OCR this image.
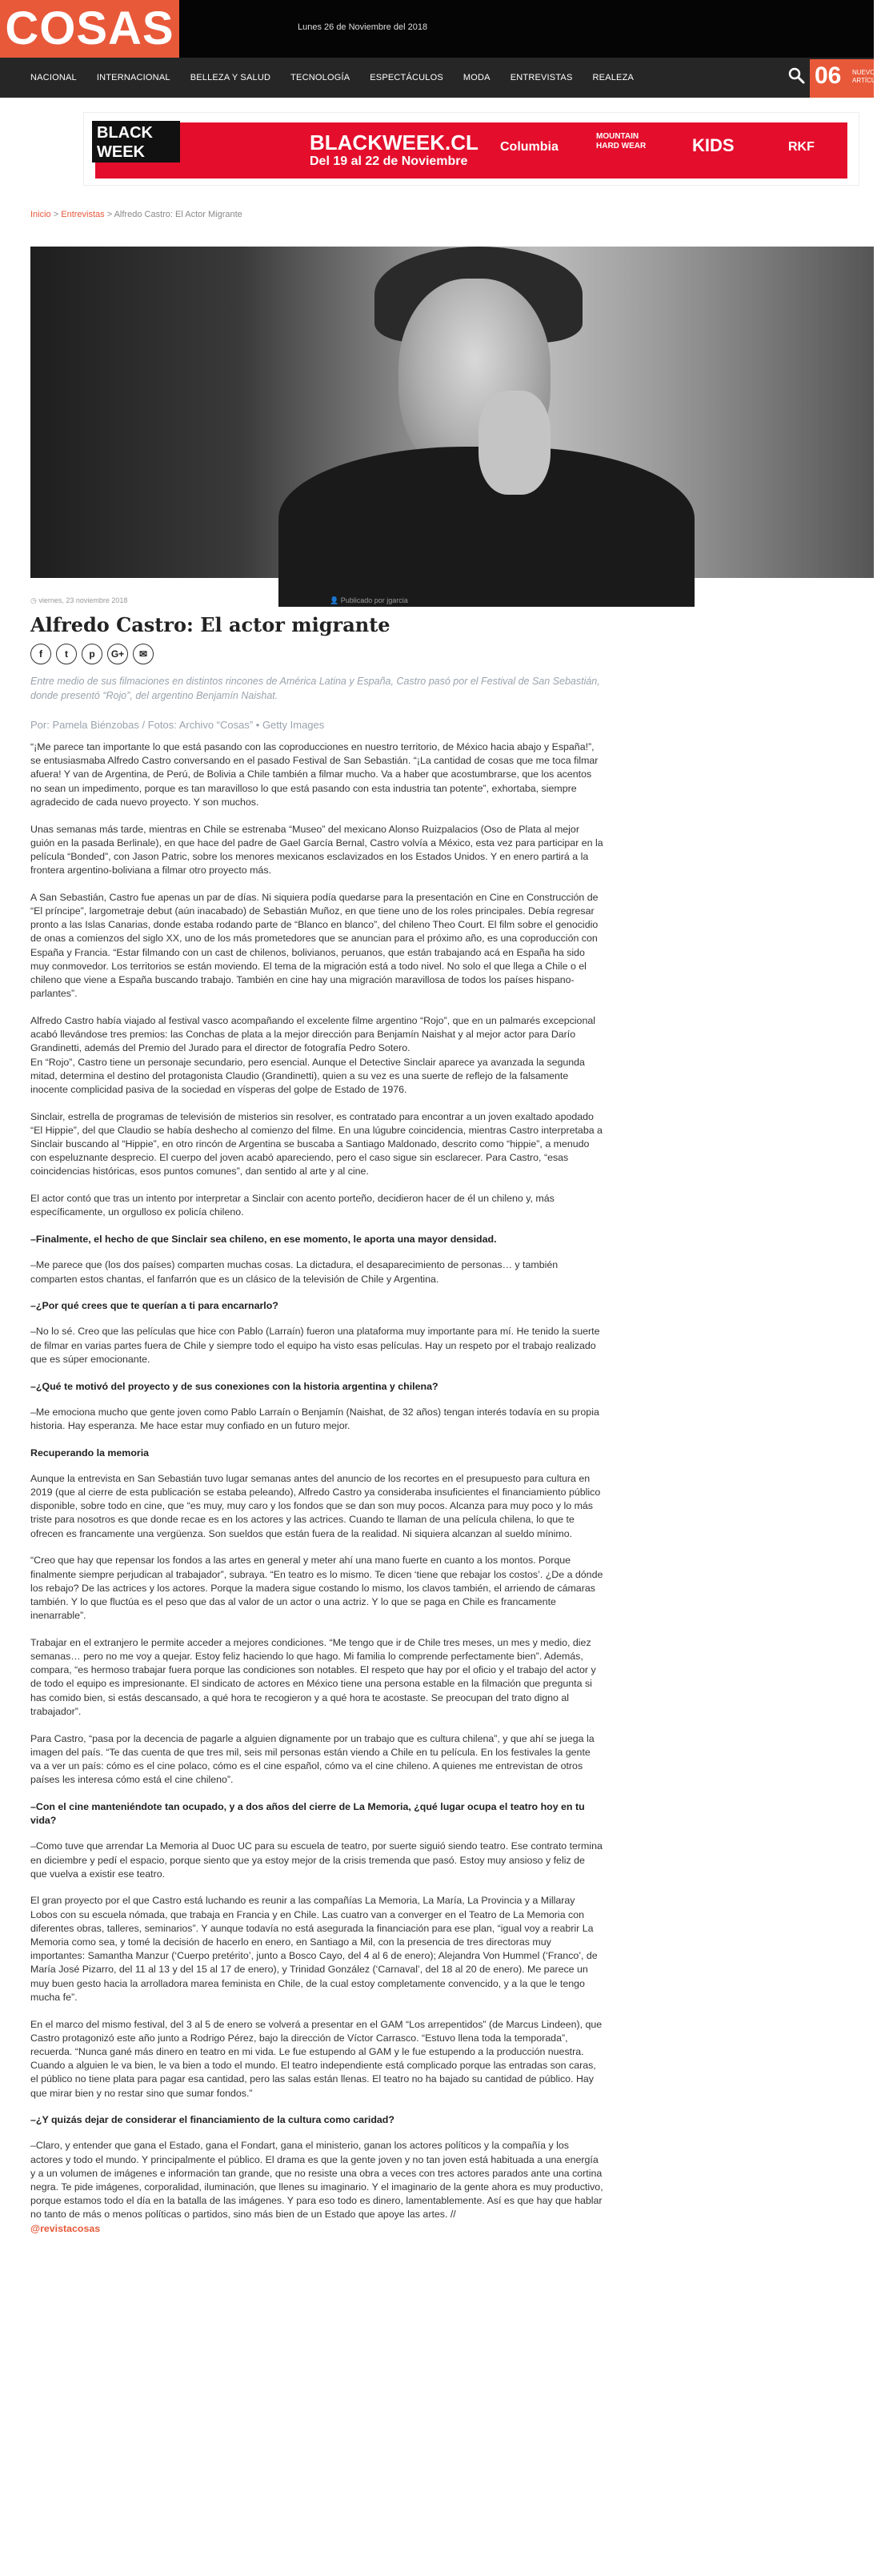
COSAS	Lunes 26 de Noviembre del 2018
NACIONAL INTERNACIONAL BELLEZA Y SALUD TECNOLOGÍA ESPECTÁCULOS MODA ENTREVISTAS REALEZA	06 NUEVOS ARTÍCULOS
BLACK WEEK	BLACKWEEK.CL
Del 19 al 22 de Noviembre
Columbia
MOUNTAIN HARD WEAR	KIDS	RKF
Inicio > Entrevistas > Alfredo Castro: El Actor Migrante
◷ viernes, 23 noviembre 2018	👤 Publicado por jgarcia
Alfredo Castro: El actor migrante
f	t	p	G+	✉

Entre medio de sus filmaciones en distintos rincones de América Latina y España, Castro pasó por el Festival de San Sebastián, donde presentó “Rojo”, del argentino Benjamín Naishat.

Por: Pamela Biénzobas / Fotos: Archivo “Cosas” • Getty Images

“¡Me parece tan importante lo que está pasando con las coproducciones en nuestro territorio, de México hacia abajo y España!”, se entusiasmaba Alfredo Castro conversando en el pasado Festival de San Sebastián. “¡La cantidad de cosas que me toca filmar afuera! Y van de Argentina, de Perú, de Bolivia a Chile también a filmar mucho. Va a haber que acostumbrarse, que los acentos no sean un impedimento, porque es tan maravilloso lo que está pasando con esta industria tan potente”, exhortaba, siempre agradecido de cada nuevo proyecto. Y son muchos.

Unas semanas más tarde, mientras en Chile se estrenaba “Museo” del mexicano Alonso Ruizpalacios (Oso de Plata al mejor guión en la pasada Berlinale), en que hace del padre de Gael García Bernal, Castro volvía a México, esta vez para participar en la película “Bonded”, con Jason Patric, sobre los menores mexicanos esclavizados en los Estados Unidos. Y en enero partirá a la frontera argentino-boliviana a filmar otro proyecto más.

A San Sebastián, Castro fue apenas un par de días. Ni siquiera podía quedarse para la presentación en Cine en Construcción de “El príncipe”, largometraje debut (aún inacabado) de Sebastián Muñoz, en que tiene uno de los roles principales. Debía regresar pronto a las Islas Canarias, donde estaba rodando parte de “Blanco en blanco”, del chileno Theo Court. El film sobre el genocidio de onas a comienzos del siglo XX, uno de los más prometedores que se anuncian para el próximo año, es una coproducción con España y Francia. “Estar filmando con un cast de chilenos, bolivianos, peruanos, que están trabajando acá en España ha sido muy conmovedor. Los territorios se están moviendo. El tema de la migración está a todo nivel. No solo el que llega a Chile o el chileno que viene a España buscando trabajo. También en cine hay una migración maravillosa de todos los países hispano-parlantes”.

Alfredo Castro había viajado al festival vasco acompañando el excelente filme argentino “Rojo”, que en un palmarés excepcional acabó llevándose tres premios: las Conchas de plata a la mejor dirección para Benjamín Naishat y al mejor actor para Darío Grandinetti, además del Premio del Jurado para el director de fotografía Pedro Sotero.
En “Rojo”, Castro tiene un personaje secundario, pero esencial. Aunque el Detective Sinclair aparece ya avanzada la segunda mitad, determina el destino del protagonista Claudio (Grandinetti), quien a su vez es una suerte de reflejo de la falsamente inocente complicidad pasiva de la sociedad en vísperas del golpe de Estado de 1976.

Sinclair, estrella de programas de televisión de misterios sin resolver, es contratado para encontrar a un joven exaltado apodado “El Hippie”, del que Claudio se había deshecho al comienzo del filme. En una lúgubre coincidencia, mientras Castro interpretaba a Sinclair buscando al “Hippie”, en otro rincón de Argentina se buscaba a Santiago Maldonado, descrito como “hippie”, a menudo con espeluznante desprecio. El cuerpo del joven acabó apareciendo, pero el caso sigue sin esclarecer. Para Castro, “esas coincidencias históricas, esos puntos comunes”, dan sentido al arte y al cine.

El actor contó que tras un intento por interpretar a Sinclair con acento porteño, decidieron hacer de él un chileno y, más específicamente, un orgulloso ex policía chileno.

–Finalmente, el hecho de que Sinclair sea chileno, en ese momento, le aporta una mayor densidad.

–Me parece que (los dos países) comparten muchas cosas. La dictadura, el desaparecimiento de personas… y también comparten estos chantas, el fanfarrón que es un clásico de la televisión de Chile y Argentina.

–¿Por qué crees que te querían a ti para encarnarlo?

–No lo sé. Creo que las películas que hice con Pablo (Larraín) fueron una plataforma muy importante para mí. He tenido la suerte de filmar en varias partes fuera de Chile y siempre todo el equipo ha visto esas películas. Hay un respeto por el trabajo realizado que es súper emocionante.

–¿Qué te motivó del proyecto y de sus conexiones con la historia argentina y chilena?

–Me emociona mucho que gente joven como Pablo Larraín o Benjamín (Naishat, de 32 años) tengan interés todavía en su propia historia. Hay esperanza. Me hace estar muy confiado en un futuro mejor.

Recuperando la memoria

Aunque la entrevista en San Sebastián tuvo lugar semanas antes del anuncio de los recortes en el presupuesto para cultura en 2019 (que al cierre de esta publicación se estaba peleando), Alfredo Castro ya consideraba insuficientes el financiamiento público disponible, sobre todo en cine, que “es muy, muy caro y los fondos que se dan son muy pocos. Alcanza para muy poco y lo más triste para nosotros es que donde recae es en los actores y las actrices. Cuando te llaman de una película chilena, lo que te ofrecen es francamente una vergüenza. Son sueldos que están fuera de la realidad. Ni siquiera alcanzan al sueldo mínimo.

“Creo que hay que repensar los fondos a las artes en general y meter ahí una mano fuerte en cuanto a los montos. Porque finalmente siempre perjudican al trabajador”, subraya. “En teatro es lo mismo. Te dicen ‘tiene que rebajar los costos’. ¿De a dónde los rebajo? De las actrices y los actores. Porque la madera sigue costando lo mismo, los clavos también, el arriendo de cámaras también. Y lo que fluctúa es el peso que das al valor de un actor o una actriz. Y lo que se paga en Chile es francamente inenarrable”.

Trabajar en el extranjero le permite acceder a mejores condiciones. “Me tengo que ir de Chile tres meses, un mes y medio, diez semanas… pero no me voy a quejar. Estoy feliz haciendo lo que hago. Mi familia lo comprende perfectamente bien”. Además, compara, “es hermoso trabajar fuera porque las condiciones son notables. El respeto que hay por el oficio y el trabajo del actor y de todo el equipo es impresionante. El sindicato de actores en México tiene una persona estable en la filmación que pregunta si has comido bien, si estás descansado, a qué hora te recogieron y a qué hora te acostaste. Se preocupan del trato digno al trabajador”.

Para Castro, “pasa por la decencia de pagarle a alguien dignamente por un trabajo que es cultura chilena”, y que ahí se juega la imagen del país. “Te das cuenta de que tres mil, seis mil personas están viendo a Chile en tu película. En los festivales la gente va a ver un país: cómo es el cine polaco, cómo es el cine español, cómo va el cine chileno. A quienes me entrevistan de otros países les interesa cómo está el cine chileno”.

–Con el cine manteniéndote tan ocupado, y a dos años del cierre de La Memoria, ¿qué lugar ocupa el teatro hoy en tu vida?

–Como tuve que arrendar La Memoria al Duoc UC para su escuela de teatro, por suerte siguió siendo teatro. Ese contrato termina en diciembre y pedí el espacio, porque siento que ya estoy mejor de la crisis tremenda que pasó. Estoy muy ansioso y feliz de que vuelva a existir ese teatro.

El gran proyecto por el que Castro está luchando es reunir a las compañías La Memoria, La María, La Provincia y a Millaray Lobos con su escuela nómada, que trabaja en Francia y en Chile. Las cuatro van a converger en el Teatro de La Memoria con diferentes obras, talleres, seminarios”. Y aunque todavía no está asegurada la financiación para ese plan, “igual voy a reabrir La Memoria como sea, y tomé la decisión de hacerlo en enero, en Santiago a Mil, con la presencia de tres directoras muy importantes: Samantha Manzur (‘Cuerpo pretérito’, junto a Bosco Cayo, del 4 al 6 de enero); Alejandra Von Hummel (‘Franco’, de María José Pizarro, del 11 al 13 y del 15 al 17 de enero), y Trinidad González (‘Carnaval’, del 18 al 20 de enero). Me parece un muy buen gesto hacia la arrolladora marea feminista en Chile, de la cual estoy completamente convencido, y a la que le tengo mucha fe”.

En el marco del mismo festival, del 3 al 5 de enero se volverá a presentar en el GAM “Los arrepentidos” (de Marcus Lindeen), que Castro protagonizó este año junto a Rodrigo Pérez, bajo la dirección de Víctor Carrasco. “Estuvo llena toda la temporada”, recuerda. “Nunca gané más dinero en teatro en mi vida. Le fue estupendo al GAM y le fue estupendo a la producción nuestra. Cuando a alguien le va bien, le va bien a todo el mundo. El teatro independiente está complicado porque las entradas son caras, el público no tiene plata para pagar esa cantidad, pero las salas están llenas. El teatro no ha bajado su cantidad de público. Hay que mirar bien y no restar sino que sumar fondos.”

–¿Y quizás dejar de considerar el financiamiento de la cultura como caridad?

–Claro, y entender que gana el Estado, gana el Fondart, gana el ministerio, ganan los actores políticos y la compañía y los actores y todo el mundo. Y principalmente el público. El drama es que la gente joven y no tan joven está habituada a una energía y a un volumen de imágenes e información tan grande, que no resiste una obra a veces con tres actores parados ante una cortina negra. Te pide imágenes, corporalidad, iluminación, que llenes su imaginario. Y el imaginario de la gente ahora es muy productivo, porque estamos todo el día en la batalla de las imágenes. Y para eso todo es dinero, lamentablemente. Así es que hay que hablar no tanto de más o menos políticas o partidos, sino más bien de un Estado que apoye las artes. //

@revistacosas
